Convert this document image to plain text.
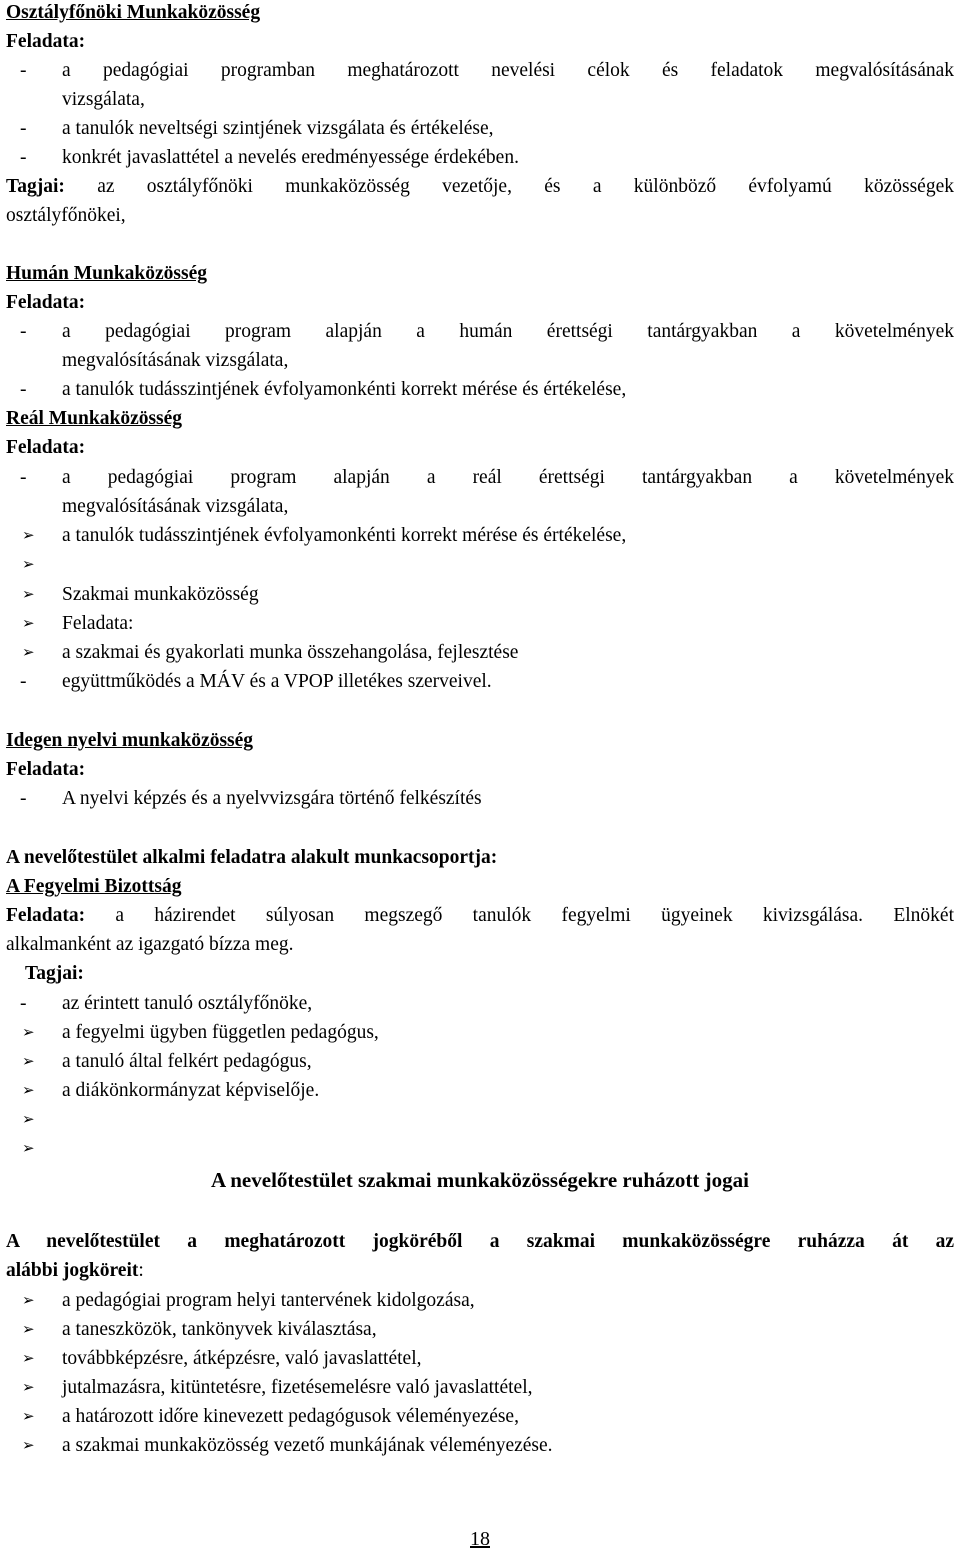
Osztályfőnöki Munkaközösség
Feladata:
- a pedagógiai programban meghatározott nevelési célok és feladatok megvalósításának
vizsgálata,
- a tanulók neveltségi szintjének vizsgálata és értékelése,
- konkrét javaslattétel a nevelés eredményessége érdekében.
Tagjai: az osztályfőnöki munkaközösség vezetője, és a különböző évfolyamú közösségek
osztályfőnökei,
Humán Munkaközösség
Feladata:
- a pedagógiai program alapján a humán érettségi tantárgyakban a követelmények
megvalósításának vizsgálata,
- a tanulók tudásszintjének évfolyamonkénti korrekt mérése és értékelése,
Reál Munkaközösség
Feladata:
- a pedagógiai program alapján a reál érettségi tantárgyakban a követelmények
megvalósításának vizsgálata,
➢	a tanulók tudásszintjének évfolyamonkénti korrekt mérése és értékelése,
➢
➢	Szakmai munkaközösség
➢	Feladata:
➢	a szakmai és gyakorlati munka összehangolása, fejlesztése
- együttműködés a MÁV és a VPOP illetékes szerveivel.
Idegen nyelvi munkaközösség
Feladata:
- A nyelvi képzés és a nyelvvizsgára történő felkészítés
A nevelőtestület alkalmi feladatra alakult munkacsoportja:
A Fegyelmi Bizottság
Feladata: a házirendet súlyosan megszegő tanulók fegyelmi ügyeinek kivizsgálása. Elnökét
alkalmanként az igazgató bízza meg.
Tagjai:
- az érintett tanuló osztályfőnöke,
➢	a fegyelmi ügyben független pedagógus,
➢	a tanuló által felkért pedagógus,
➢	a diákönkormányzat képviselője.
➢
➢
A nevelőtestület szakmai munkaközösségekre ruházott jogai
A nevelőtestület a meghatározott jogköréből a szakmai munkaközösségre ruházza át az
alábbi jogköreit:
➢	a pedagógiai program helyi tantervének kidolgozása,
➢	a taneszközök, tankönyvek kiválasztása,
➢	továbbképzésre, átképzésre, való javaslattétel,
➢	jutalmazásra, kitüntetésre, fizetésemelésre való javaslattétel,
➢	a határozott időre kinevezett pedagógusok véleményezése,
➢	a szakmai munkaközösség vezető munkájának véleményezése.
18
